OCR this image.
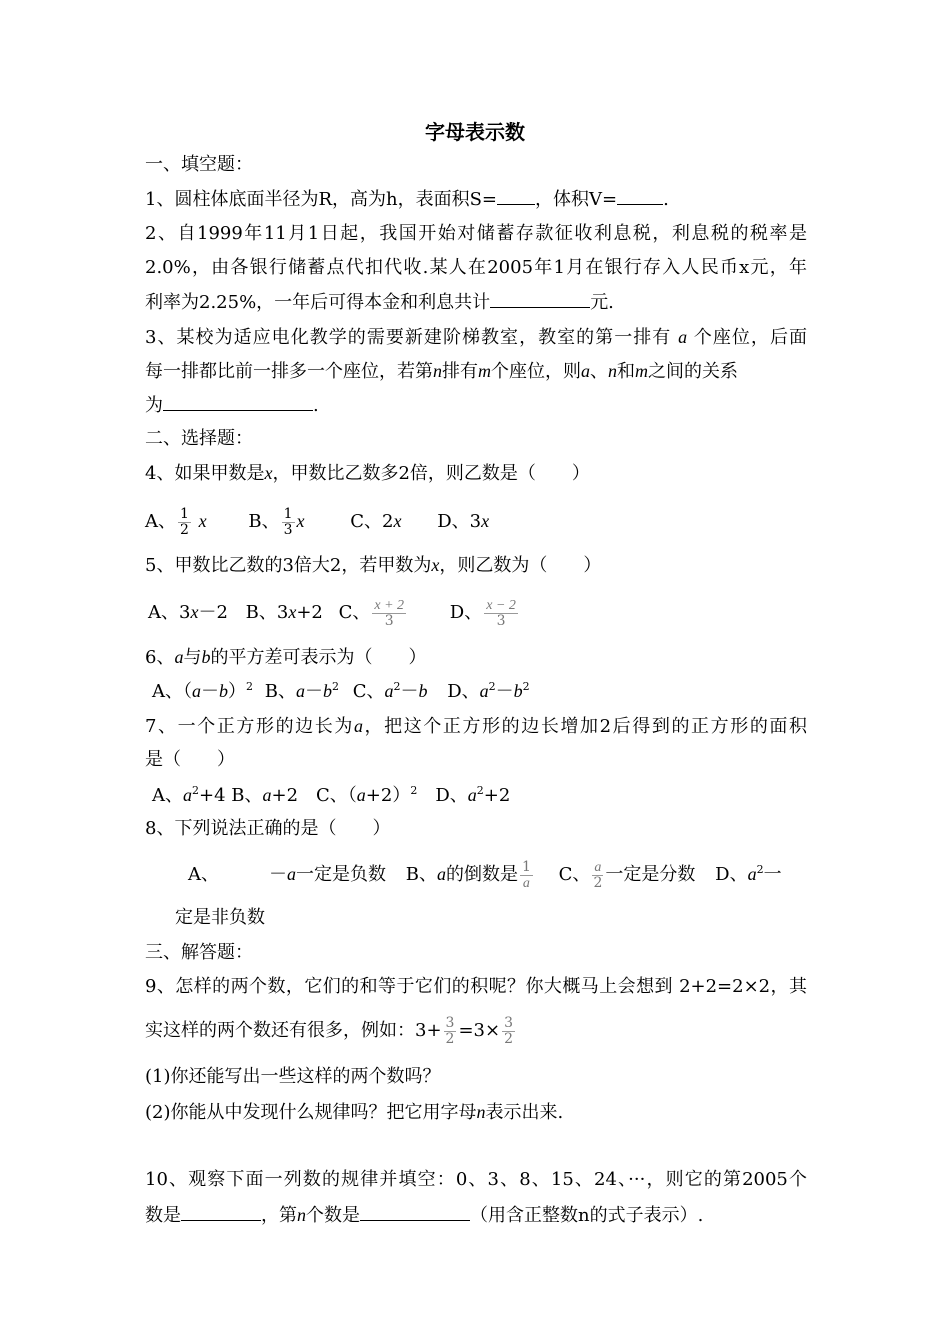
字母表示数
一、填空题：
1、圆柱体底面半径为R，高为h，表面积S= ，体积V=	.
2、自1999年11月1日起，我国开始对储蓄存款征收利息税，利息税的税率是
2.0%，由各银行储蓄点代扣代收.某人在2005年1月在银行存入人民币x元，年
利率为2.25%，一年后可得本金和利息共计	元.
3、某校为适应电化教学的需要新建阶梯教室，教室的第一排有 a 个座位，后面
每一排都比前一排多一个座位，若第n排有m个座位，则a、n和m之间的关系
为	.
二、选择题：
4、如果甲数是x，甲数比乙数多2倍，则乙数是（　　）
A、 $\frac{1}{2}$ x B、 $\frac{1}{3}$ x	C、2x D、3x
5、甲数比乙数的3倍大2，若甲数为x，则乙数为（　　）
A、3x－2 B、3x+2 C、 $\frac{x + 2}{3}$ D、 $\frac{x - 2}{3}$
6、a与b的平方差可表示为（　　）
A、$(a-b)^2$ B、$a-b^2$ C、$a^2-b$ D、$a^2-b^2$
7、一个正方形的边长为a，把这个正方形的边长增加2后得到的正方形的面积
是（　　）
A、$a^2+4$ B、a+2　C、$(a+2)^2$　D、$a^2+2$
8、下列说法正确的是（　　）
A、	－a一定是负数 B、a的倒数是 $\frac{1}{a}$ C、 $\frac{a}{2}$ 一定是分数 D、$a^2$一
定是非负数
三、解答题：
9、怎样的两个数，它们的和等于它们的积呢？你大概马上会想到 2+2=2×2，其
实这样的两个数还有很多，例如：$3+ \frac{3}{2} =3\times \frac{3}{2}$
(1)你还能写出一些这样的两个数吗？
(2)你能从中发现什么规律吗？把它用字母n表示出来.
10、观察下面一列数的规律并填空：0、3、8、15、24、···，则它的第2005个
数是	，第n个数是	（用含正整数n的式子表示）.
